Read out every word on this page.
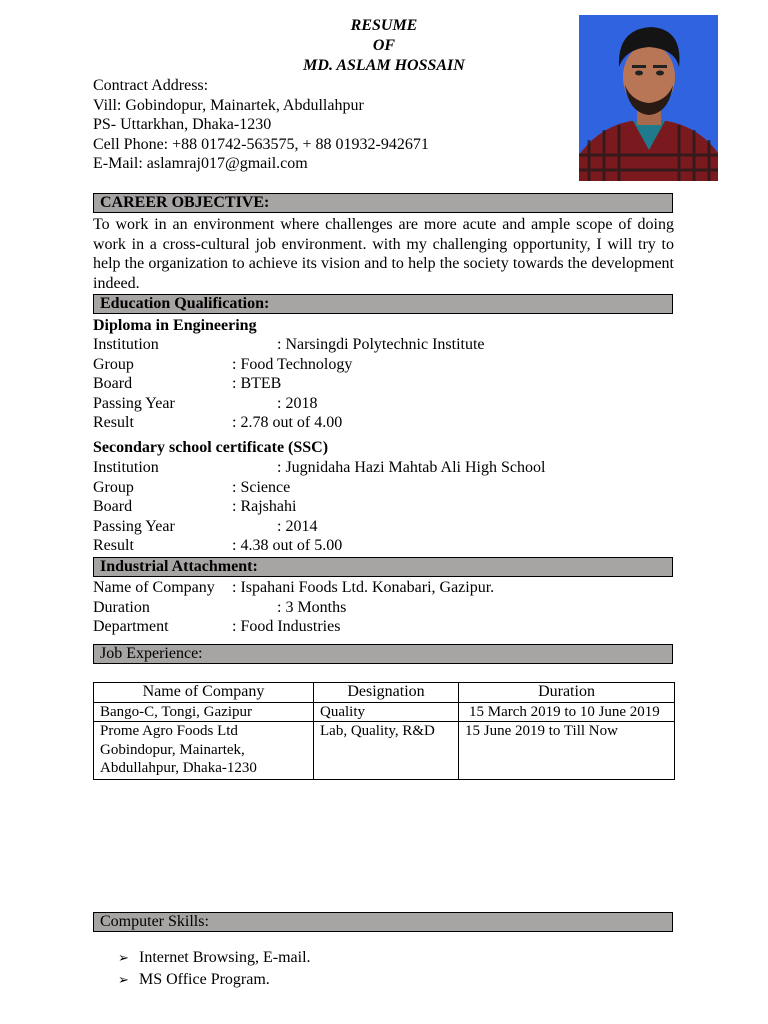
RESUME
OF
MD. ASLAM HOSSAIN
Contract Address:
Vill: Gobindopur, Mainartek, Abdullahpur
PS- Uttarkhan, Dhaka-1230
Cell Phone: +88 01742-563575, + 88 01932-942671
E-Mail: aslamraj017@gmail.com
CAREER OBJECTIVE:
To work in an environment where challenges are more acute and ample scope of doing work in a cross-cultural job environment. with my challenging opportunity, I will try to help the organization to achieve its vision and to help the society towards the development indeed.
Education Qualification:
Diploma in Engineering
Institution	: Narsingdi Polytechnic Institute
Group	: Food Technology
Board	: BTEB
Passing Year	: 2018
Result	: 2.78 out of 4.00
Secondary school certificate (SSC)
Institution	: Jugnidaha Hazi Mahtab Ali High School
Group	: Science
Board	: Rajshahi
Passing Year	: 2014
Result	: 4.38 out of 5.00
Industrial Attachment:
Name of Company : Ispahani Foods Ltd. Konabari, Gazipur.
Duration	: 3 Months
Department	: Food Industries
Job Experience:
Name of Company	Designation	Duration
Bango-C, Tongi, Gazipur	Quality	15 March 2019 to 10 June 2019

Prome Agro Foods Ltd
Gobindopur, Mainartek,
Abdullahpur, Dhaka-1230	Lab, Quality, R&D	15 June 2019 to Till Now
Computer Skills:
➢ Internet Browsing, E-mail.
➢ MS Office Program.
